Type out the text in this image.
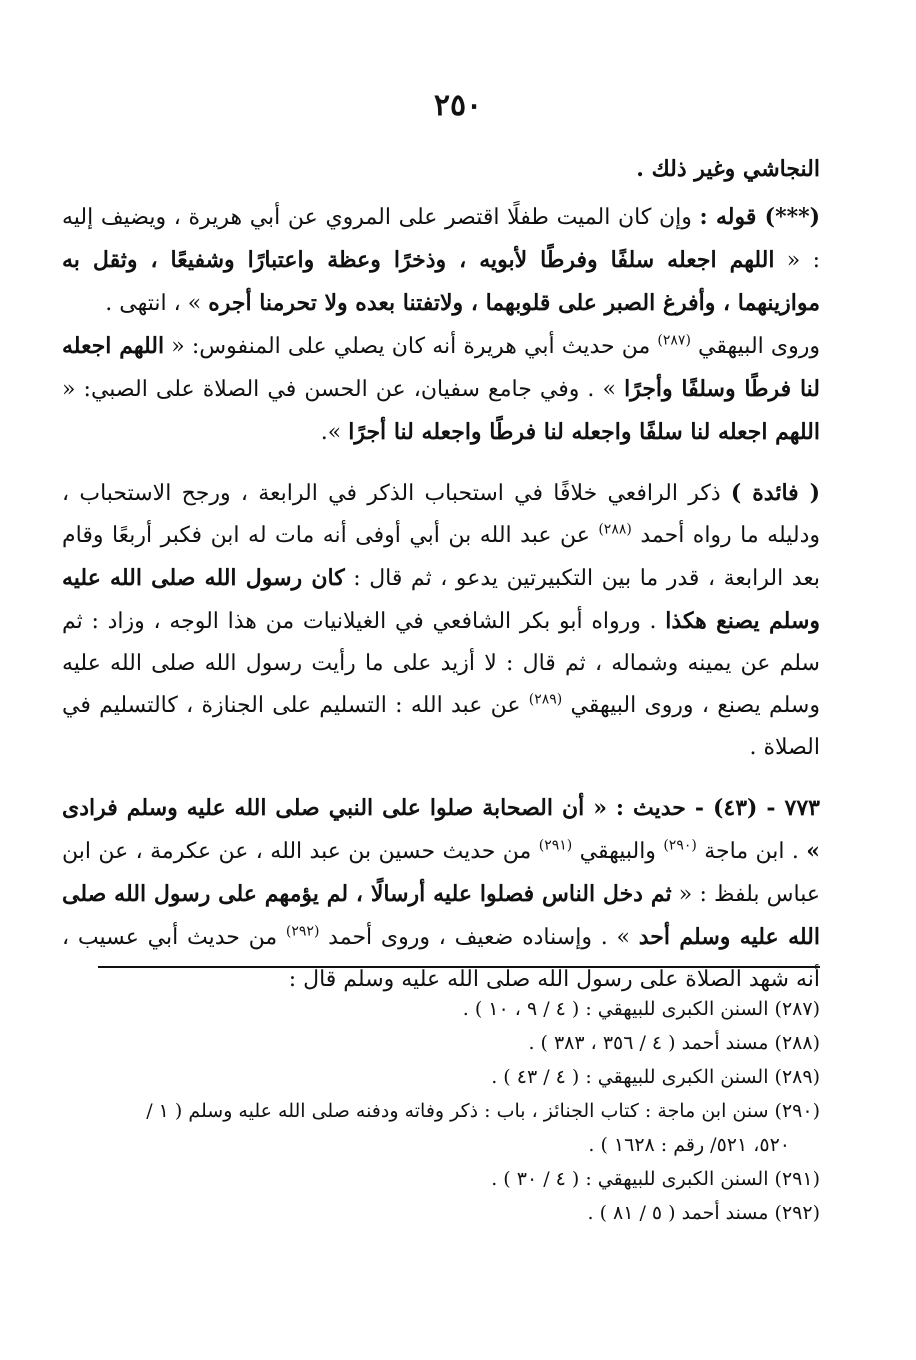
٢٥٠

النجاشي وغير ذلك .

(***) قوله : وإن كان الميت طفلًا اقتصر على المروي عن أبي هريرة ، ويضيف إليه : « اللهم اجعله سلفًا وفرطًا لأبويه ، وذخرًا وعظة واعتبارًا وشفيعًا ، وثقل به موازينهما ، وأفرغ الصبر على قلوبهما ، ولاتفتنا بعده ولا تحرمنا أجره » ، انتهى .

وروى البيهقي $^{(٢٨٧)}$ من حديث أبي هريرة أنه كان يصلي على المنفوس: « اللهم اجعله لنا فرطًا وسلفًا وأجرًا » . وفي جامع سفيان، عن الحسن في الصلاة على الصبي: « اللهم اجعله لنا سلفًا واجعله لنا فرطًا واجعله لنا أجرًا ».

( فائدة ) ذكر الرافعي خلافًا في استحباب الذكر في الرابعة ، ورجح الاستحباب ، ودليله ما رواه أحمد $^{(٢٨٨)}$ عن عبد الله بن أبي أوفى أنه مات له ابن فكبر أربعًا وقام بعد الرابعة ، قدر ما بين التكبيرتين يدعو ، ثم قال : كان رسول الله صلى الله عليه وسلم يصنع هكذا . ورواه أبو بكر الشافعي في الغيلانيات من هذا الوجه ، وزاد : ثم سلم عن يمينه وشماله ، ثم قال : لا أزيد على ما رأيت رسول الله صلى الله عليه وسلم يصنع ، وروى البيهقي $^{(٢٨٩)}$ عن عبد الله : التسليم على الجنازة ، كالتسليم في الصلاة .

٧٧٣ - (٤٣) - حديث : « أن الصحابة صلوا على النبي صلى الله عليه وسلم فرادى » . ابن ماجة $^{(٢٩٠)}$ والبيهقي $^{(٢٩١)}$ من حديث حسين بن عبد الله ، عن عكرمة ، عن ابن عباس بلفظ : « ثم دخل الناس فصلوا عليه أرسالًا ، لم يؤمهم على رسول الله صلى الله عليه وسلم أحد » . وإسناده ضعيف ، وروى أحمد $^{(٢٩٢)}$ من حديث أبي عسيب ، أنه شهد الصلاة على رسول الله صلى الله عليه وسلم قال :

(٢٨٧) السنن الكبرى للبيهقي : ( ٤ / ٩ ، ١٠ ) .
(٢٨٨) مسند أحمد ( ٤ / ٣٥٦ ، ٣٨٣ ) .
(٢٨٩) السنن الكبرى للبيهقي : ( ٤ / ٤٣ ) .
(٢٩٠) سنن ابن ماجة : كتاب الجنائز ، باب : ذكر وفاته ودفنه صلى الله عليه وسلم ( ١ /
٥٢٠، ٥٢١/ رقم : ١٦٢٨ ) .
(٢٩١) السنن الكبرى للبيهقي : ( ٤ / ٣٠ ) .
(٢٩٢) مسند أحمد ( ٥ / ٨١ ) .
